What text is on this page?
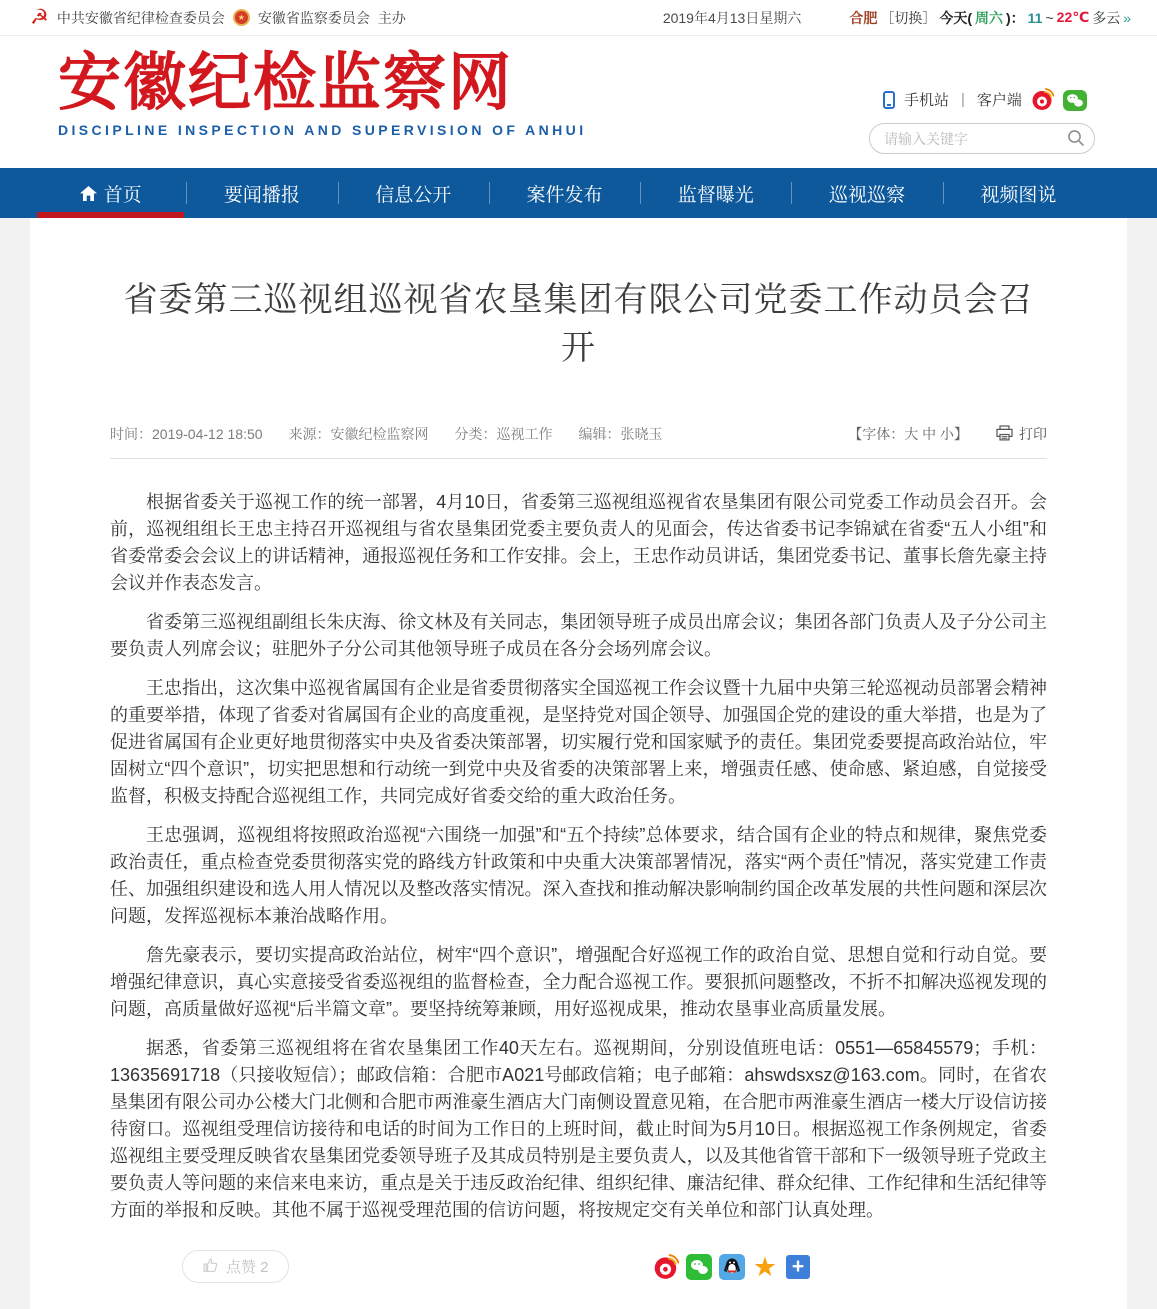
☭ 中共安徽省纪律检查委员会	★ 安徽省监察委员会 主办	2019年4月13日星期六	合肥 ［切换］ 今天( 周六 )： 11 ~ 22℃ 多云 »
安徽纪检监察网
DISCIPLINE INSPECTION AND SUPERVISION OF ANHUI
手机站 | 客户端
请输入关键字
首页	要闻播报	信息公开	案件发布	监督曝光	巡视巡察	视频图说
省委第三巡视组巡视省农垦集团有限公司党委工作动员会召开
时间：2019-04-12 18:50 来源：安徽纪检监察网 分类：巡视工作 编辑：张晓玉	【字体：大 中 小】	打印

根据省委关于巡视工作的统一部署，4月10日，省委第三巡视组巡视省农垦集团有限公司党委工作动员会召开。会前，巡视组组长王忠主持召开巡视组与省农垦集团党委主要负责人的见面会，传达省委书记李锦斌在省委“五人小组”和省委常委会会议上的讲话精神，通报巡视任务和工作安排。会上，王忠作动员讲话，集团党委书记、董事长詹先豪主持会议并作表态发言。

省委第三巡视组副组长朱庆海、徐文林及有关同志，集团领导班子成员出席会议；集团各部门负责人及子分公司主要负责人列席会议；驻肥外子分公司其他领导班子成员在各分会场列席会议。

王忠指出，这次集中巡视省属国有企业是省委贯彻落实全国巡视工作会议暨十九届中央第三轮巡视动员部署会精神的重要举措，体现了省委对省属国有企业的高度重视，是坚持党对国企领导、加强国企党的建设的重大举措，也是为了促进省属国有企业更好地贯彻落实中央及省委决策部署，切实履行党和国家赋予的责任。集团党委要提高政治站位，牢固树立“四个意识”，切实把思想和行动统一到党中央及省委的决策部署上来，增强责任感、使命感、紧迫感，自觉接受监督，积极支持配合巡视组工作，共同完成好省委交给的重大政治任务。

王忠强调，巡视组将按照政治巡视“六围绕一加强”和“五个持续”总体要求，结合国有企业的特点和规律，聚焦党委政治责任，重点检查党委贯彻落实党的路线方针政策和中央重大决策部署情况，落实“两个责任”情况，落实党建工作责任、加强组织建设和选人用人情况以及整改落实情况。深入查找和推动解决影响制约国企改革发展的共性问题和深层次问题，发挥巡视标本兼治战略作用。

詹先豪表示，要切实提高政治站位，树牢“四个意识”，增强配合好巡视工作的政治自觉、思想自觉和行动自觉。要增强纪律意识，真心实意接受省委巡视组的监督检查，全力配合巡视工作。要狠抓问题整改，不折不扣解决巡视发现的问题，高质量做好巡视“后半篇文章”。要坚持统筹兼顾，用好巡视成果，推动农垦事业高质量发展。

据悉，省委第三巡视组将在省农垦集团工作40天左右。巡视期间，分别设值班电话：0551—65845579；手机：13635691718（只接收短信）；邮政信箱：合肥市A021号邮政信箱；电子邮箱：ahswdsxsz@163.com。同时，在省农垦集团有限公司办公楼大门北侧和合肥市两淮豪生酒店大门南侧设置意见箱，在合肥市两淮豪生酒店一楼大厅设信访接待窗口。巡视组受理信访接待和电话的时间为工作日的上班时间，截止时间为5月10日。根据巡视工作条例规定，省委巡视组主要受理反映省农垦集团党委领导班子及其成员特别是主要负责人，以及其他省管干部和下一级领导班子党政主要负责人等问题的来信来电来访，重点是关于违反政治纪律、组织纪律、廉洁纪律、群众纪律、工作纪律和生活纪律等方面的举报和反映。其他不属于巡视受理范围的信访问题，将按规定交有关单位和部门认真处理。

点赞 2	★ +
